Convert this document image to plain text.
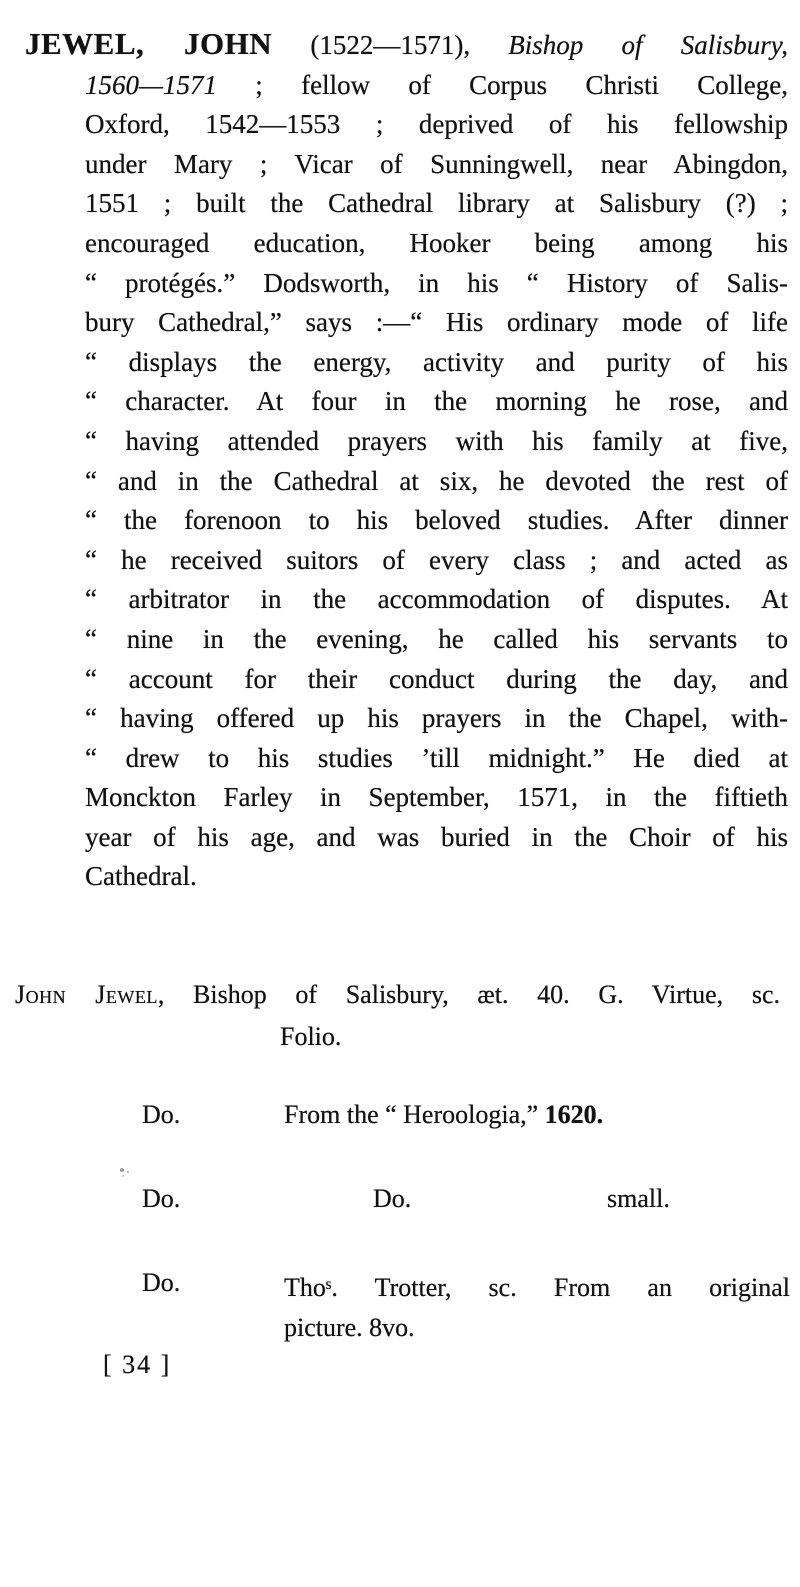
JEWEL, JOHN (1522—1571), Bishop of Salisbury,
1560—1571 ; fellow of Corpus Christi College,
Oxford, 1542—1553 ; deprived of his fellowship
under Mary ; Vicar of Sunningwell, near Abingdon,
1551 ; built the Cathedral library at Salisbury (?) ;
encouraged education, Hooker being among his
“ protégés.” Dodsworth, in his “ History of Salis-
bury Cathedral,” says :—“ His ordinary mode of life
“ displays the energy, activity and purity of his
“ character. At four in the morning he rose, and
“ having attended prayers with his family at five,
“ and in the Cathedral at six, he devoted the rest of
“ the forenoon to his beloved studies. After dinner
“ he received suitors of every class ; and acted as
“ arbitrator in the accommodation of disputes. At
“ nine in the evening, he called his servants to
“ account for their conduct during the day, and
“ having offered up his prayers in the Chapel, with-
“ drew to his studies ’till midnight.” He died at
Monckton Farley in September, 1571, in the fiftieth
year of his age, and was buried in the Choir of his
Cathedral.
John Jewel, Bishop of Salisbury, æt. 40. G. Virtue, sc.
Folio.
Do.	From the “ Heroologia,” 1620.
Do.	Do.	small.
Do.	Thoˢ. Trotter, sc. From an original
picture. 8vo.
[ 34 ]
